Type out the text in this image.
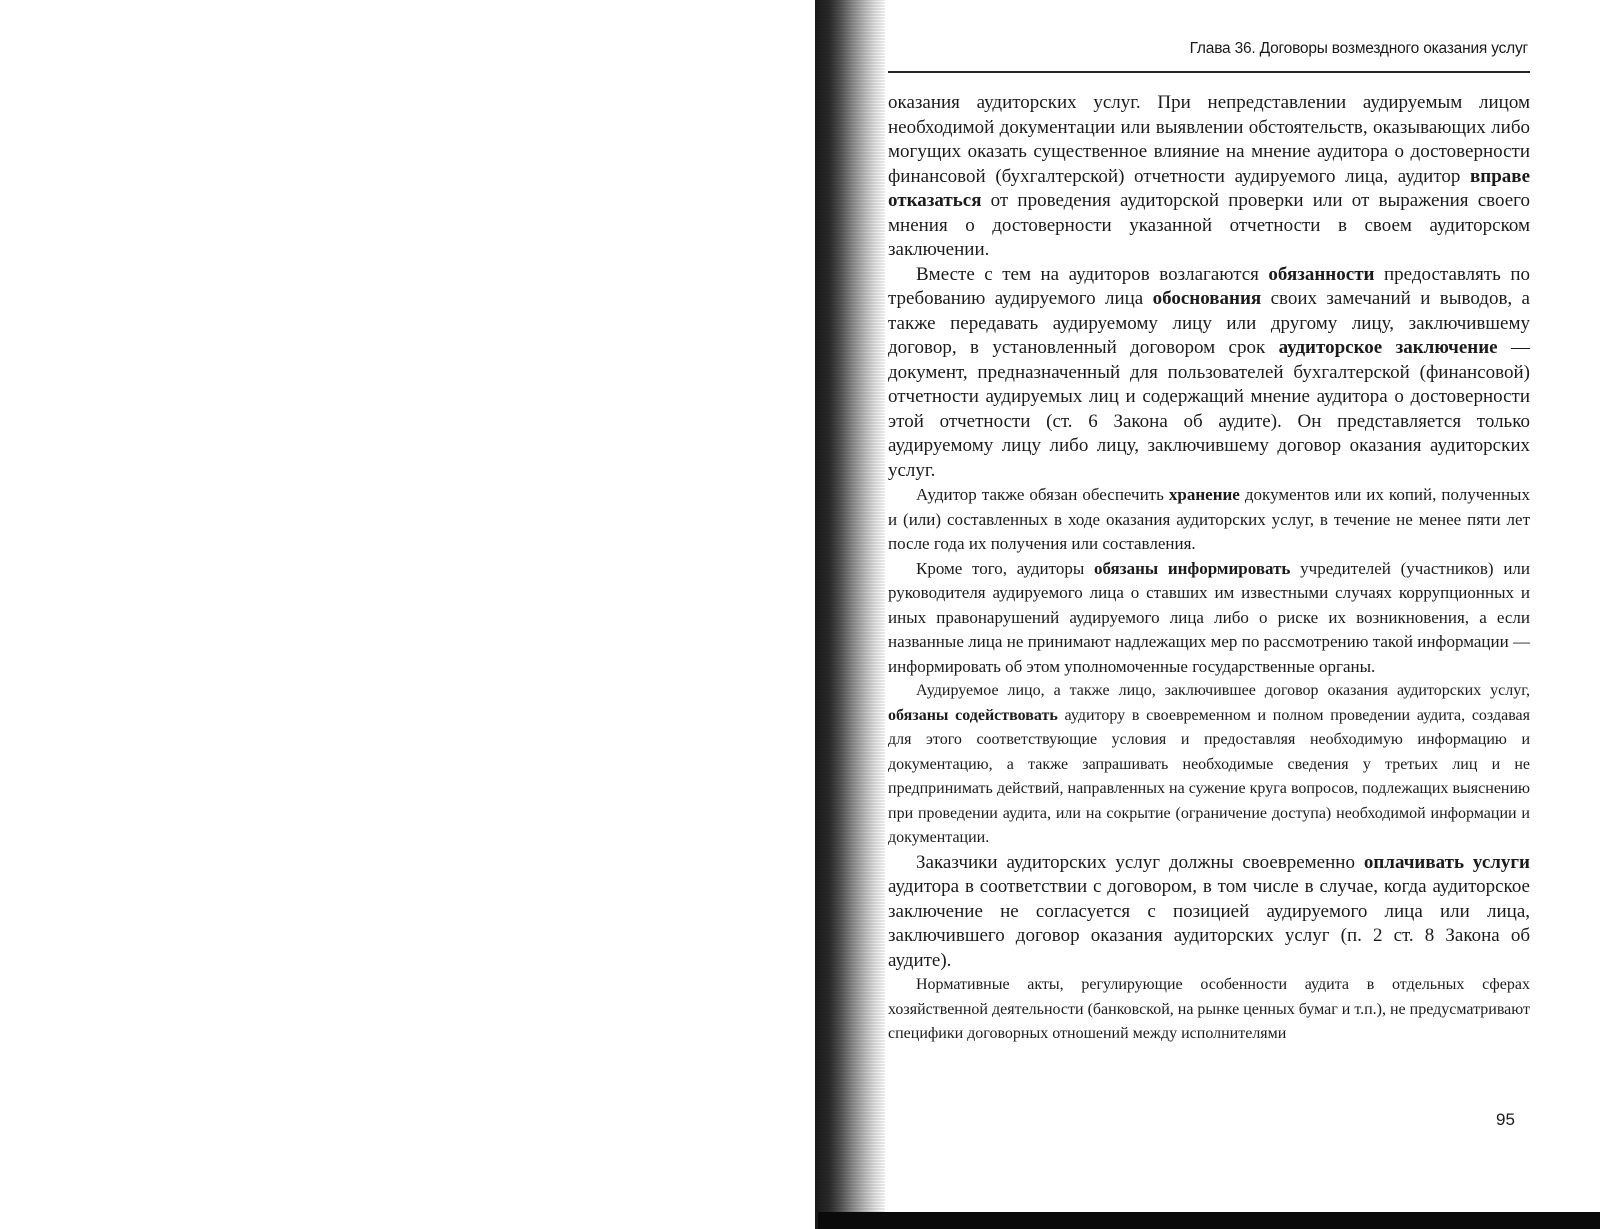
Глава 36. Договоры возмездного оказания услуг

оказания аудиторских услуг. При непредставлении аудируемым лицом необходимой документации или выявлении обстоятельств, оказывающих либо могущих оказать существенное влияние на мнение аудитора о достоверности финансовой (бухгалтерской) отчетности аудируемого лица, аудитор вправе отказаться от проведения аудиторской проверки или от выражения своего мнения о достоверности указанной отчетности в своем аудиторском заключении.

Вместе с тем на аудиторов возлагаются обязанности предоставлять по требованию аудируемого лица обоснования своих замечаний и выводов, а также передавать аудируемому лицу или другому лицу, заключившему договор, в установленный договором срок аудиторское заключение — документ, предназначенный для пользователей бухгалтерской (финансовой) отчетности аудируемых лиц и содержащий мнение аудитора о достоверности этой отчетности (ст. 6 Закона об аудите). Он представляется только аудируемому лицу либо лицу, заключившему договор оказания аудиторских услуг.

Аудитор также обязан обеспечить хранение документов или их копий, полученных и (или) составленных в ходе оказания аудиторских услуг, в течение не менее пяти лет после года их получения или составления.

Кроме того, аудиторы обязаны информировать учредителей (участников) или руководителя аудируемого лица о ставших им известными случаях коррупционных и иных правонарушений аудируемого лица либо о риске их возникновения, а если названные лица не принимают надлежащих мер по рассмотрению такой информации — информировать об этом уполномоченные государственные органы.

Аудируемое лицо, а также лицо, заключившее договор оказания аудиторских услуг, обязаны содействовать аудитору в своевременном и полном проведении аудита, создавая для этого соответствующие условия и предоставляя необходимую информацию и документацию, а также запрашивать необходимые сведения у третьих лиц и не предпринимать действий, направленных на сужение круга вопросов, подлежащих выяснению при проведении аудита, или на сокрытие (ограничение доступа) необходимой информации и документации.

Заказчики аудиторских услуг должны своевременно оплачивать услуги аудитора в соответствии с договором, в том числе в случае, когда аудиторское заключение не согласуется с позицией аудируемого лица или лица, заключившего договор оказания аудиторских услуг (п. 2 ст. 8 Закона об аудите).

Нормативные акты, регулирующие особенности аудита в отдельных сферах хозяйственной деятельности (банковской, на рынке ценных бумаг и т.п.), не предусматривают специфики договорных отношений между исполнителями

95
